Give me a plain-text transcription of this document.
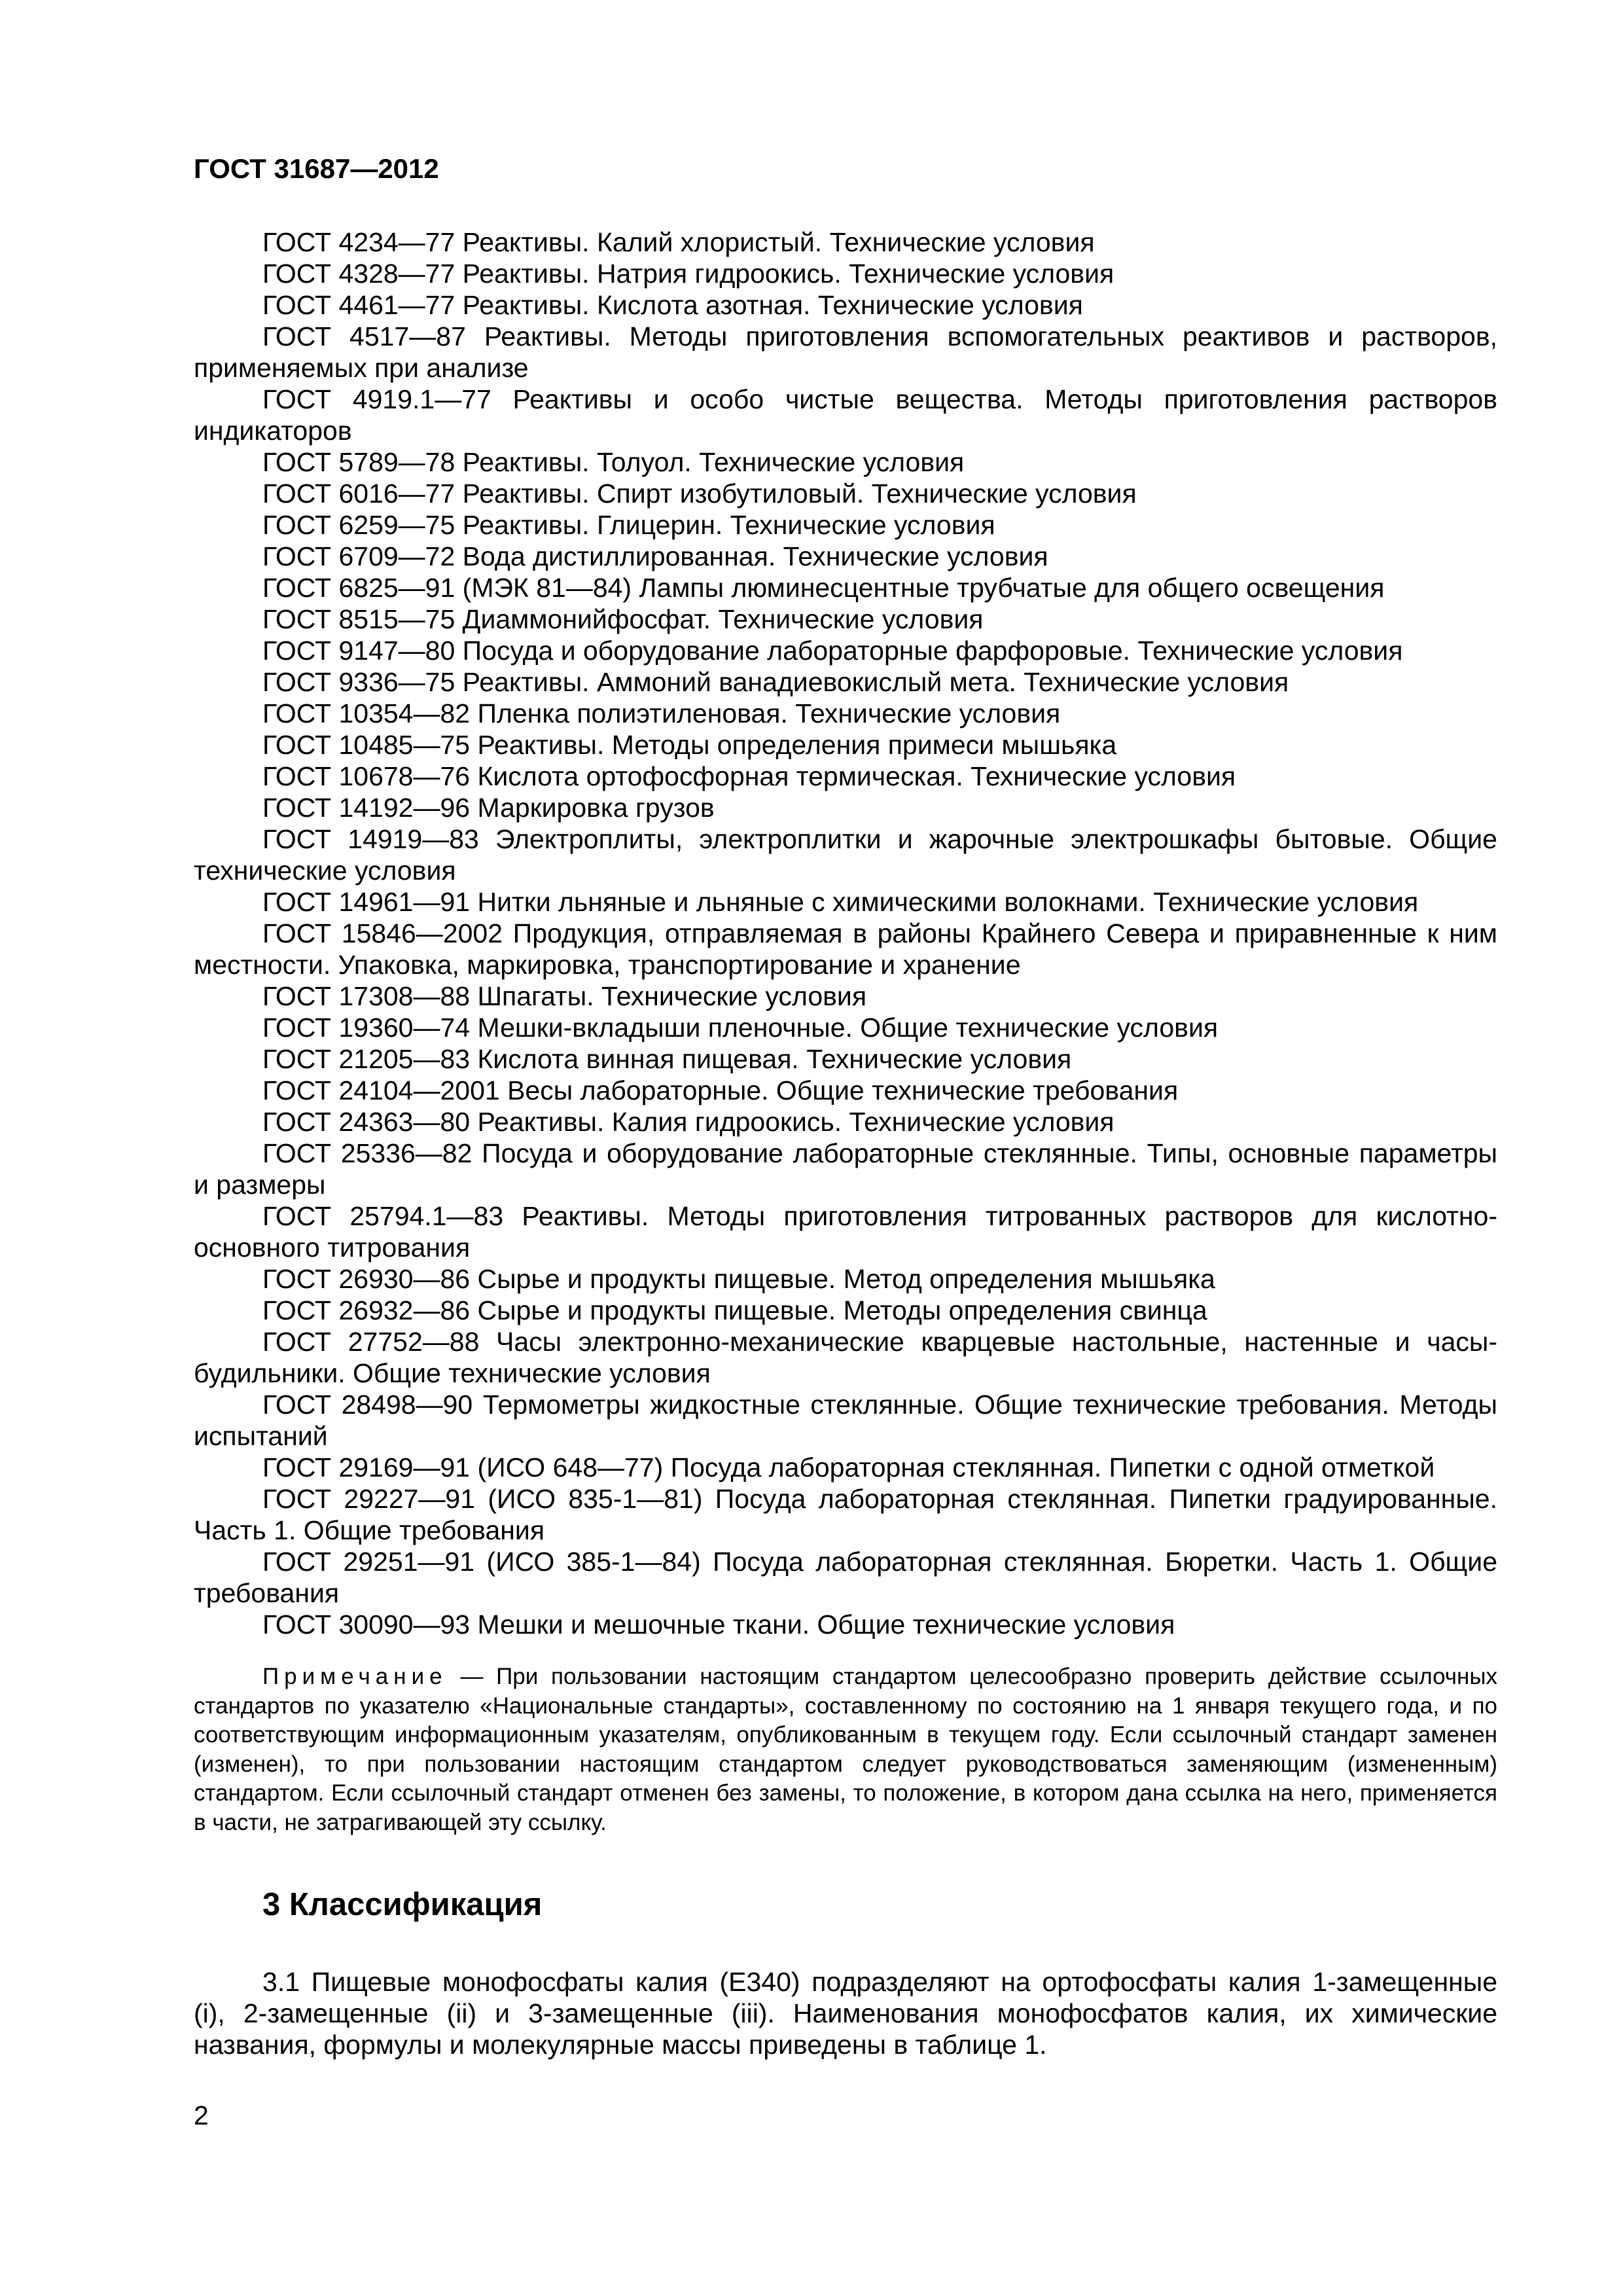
ГОСТ 31687—2012

ГОСТ 4234—77 Реактивы. Калий хлористый. Технические условия

ГОСТ 4328—77 Реактивы. Натрия гидроокись. Технические условия

ГОСТ 4461—77 Реактивы. Кислота азотная. Технические условия

ГОСТ 4517—87 Реактивы. Методы приготовления вспомогательных реактивов и растворов, применяемых при анализе

ГОСТ 4919.1—77 Реактивы и особо чистые вещества. Методы приготовления растворов индикаторов

ГОСТ 5789—78 Реактивы. Толуол. Технические условия

ГОСТ 6016—77 Реактивы. Спирт изобутиловый. Технические условия

ГОСТ 6259—75 Реактивы. Глицерин. Технические условия

ГОСТ 6709—72 Вода дистиллированная. Технические условия

ГОСТ 6825—91 (МЭК 81—84) Лампы люминесцентные трубчатые для общего освещения

ГОСТ 8515—75 Диаммонийфосфат. Технические условия

ГОСТ 9147—80 Посуда и оборудование лабораторные фарфоровые. Технические условия

ГОСТ 9336—75 Реактивы. Аммоний ванадиевокислый мета. Технические условия

ГОСТ 10354—82 Пленка полиэтиленовая. Технические условия

ГОСТ 10485—75 Реактивы. Методы определения примеси мышьяка

ГОСТ 10678—76 Кислота ортофосфорная термическая. Технические условия

ГОСТ 14192—96 Маркировка грузов

ГОСТ 14919—83 Электроплиты, электроплитки и жарочные электрошкафы бытовые. Общие технические условия

ГОСТ 14961—91 Нитки льняные и льняные с химическими волокнами. Технические условия

ГОСТ 15846—2002 Продукция, отправляемая в районы Крайнего Севера и приравненные к ним местности. Упаковка, маркировка, транспортирование и хранение

ГОСТ 17308—88 Шпагаты. Технические условия

ГОСТ 19360—74 Мешки-вкладыши пленочные. Общие технические условия

ГОСТ 21205—83 Кислота винная пищевая. Технические условия

ГОСТ 24104—2001 Весы лабораторные. Общие технические требования

ГОСТ 24363—80 Реактивы. Калия гидроокись. Технические условия

ГОСТ 25336—82 Посуда и оборудование лабораторные стеклянные. Типы, основные параметры и размеры

ГОСТ 25794.1—83 Реактивы. Методы приготовления титрованных растворов для кислотно-основного титрования

ГОСТ 26930—86 Сырье и продукты пищевые. Метод определения мышьяка

ГОСТ 26932—86 Сырье и продукты пищевые. Методы определения свинца

ГОСТ 27752—88 Часы электронно-механические кварцевые настольные, настенные и часы-будильники. Общие технические условия

ГОСТ 28498—90 Термометры жидкостные стеклянные. Общие технические требования. Методы испытаний

ГОСТ 29169—91 (ИСО 648—77) Посуда лабораторная стеклянная. Пипетки с одной отметкой

ГОСТ 29227—91 (ИСО 835-1—81) Посуда лабораторная стеклянная. Пипетки градуированные. Часть 1. Общие требования

ГОСТ 29251—91 (ИСО 385-1—84) Посуда лабораторная стеклянная. Бюретки. Часть 1. Общие требования

ГОСТ 30090—93 Мешки и мешочные ткани. Общие технические условия

Примечание — При пользовании настоящим стандартом целесообразно проверить действие ссылочных стандартов по указателю «Национальные стандарты», составленному по состоянию на 1 января текущего года, и по соответствующим информационным указателям, опубликованным в текущем году. Если ссылочный стандарт заменен (изменен), то при пользовании настоящим стандартом следует руководствоваться заменяющим (измененным) стандартом. Если ссылочный стандарт отменен без замены, то положение, в котором дана ссылка на него, применяется в части, не затрагивающей эту ссылку.
3 Классификация

3.1 Пищевые монофосфаты калия (Е340) подразделяют на ортофосфаты калия 1-замещенные (i), 2-замещенные (ii) и 3-замещенные (iii). Наименования монофосфатов калия, их химические названия, формулы и молекулярные массы приведены в таблице 1.

2
